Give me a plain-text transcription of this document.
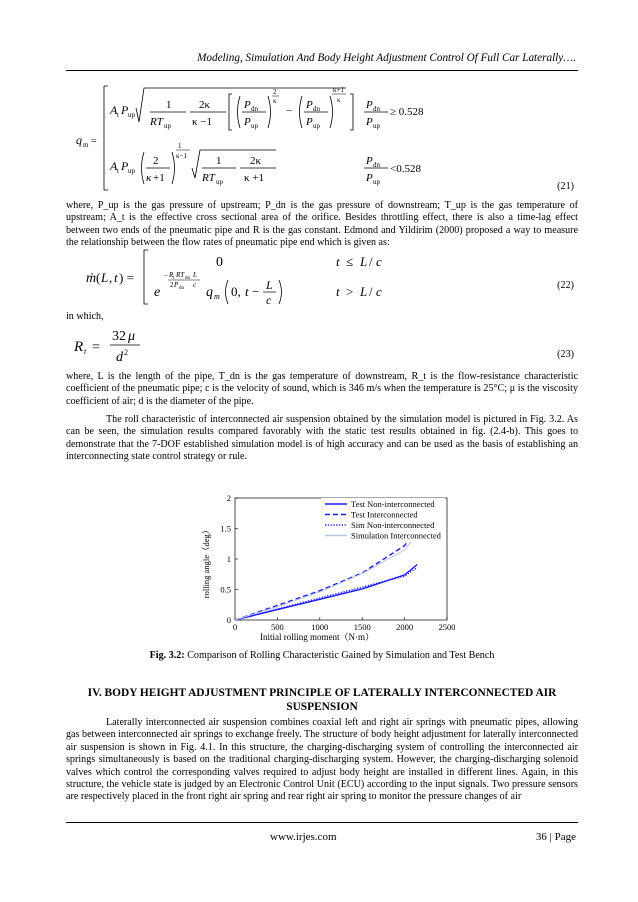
Modeling, Simulation And Body Height Adjustment Control Of Full Car Laterally….
q m =
A t P up
1
RT up
2κ
κ −1
P dn
P up
2
κ
− P dn
P up
κ+1
κ P dn
P up
≥ 0.528
A t P up
2
κ +1
1
κ−1	1
RT up
2κ
κ +1
P dn
P up
<0.528
(21)
where, P_up is the gas pressure of upstream; P_dn is the gas pressure of downstream; T_up is the gas temperature of upstream; A_t is the effective cross sectional area of the orifice. Besides throttling effect, there is also a time-lag effect between two ends of the pneumatic pipe and R is the gas constant. Edmond and Yildirim (2000) proposed a way to measure the relationship between the flow rates of pneumatic pipe end which is given as:
ṁ ( L , t ) =
0	t ≤ L / c
e
− R t RT dn L
2 P dn c q m 0, t − L
c
t > L / c	(22)
in which,
R t =
32 μ
d 2	(23)
where, L is the length of the pipe, T_dn is the gas temperature of downstream, R_t is the flow-resistance characteristic coefficient of the pneumatic pipe; c is the velocity of sound, which is 346 m/s when the temperature is 25°C; μ is the viscosity coefficient of air; d is the diameter of the pipe.
The roll characteristic of interconnected air suspension obtained by the simulation model is pictured in Fig. 3.2. As can be seen, the simulation results compared favorably with the static test results obtained in fig. (2.4-b). This goes to demonstrate that the 7-DOF established simulation model is of high accuracy and can be used as the basis of establishing an interconnecting state control strategy or rule.
rolling angle（deg）
Initial rolling moment（N·m）
0	500	1000	1500	2000	2500
0
0.5
1
1.5
2
Test Non-interconnected
Test Interconnected
Sim Non-interconnected
Simulation Interconnected
Fig. 3.2: Comparison of Rolling Characteristic Gained by Simulation and Test Bench
IV. BODY HEIGHT ADJUSTMENT PRINCIPLE OF LATERALLY INTERCONNECTED AIR SUSPENSION
Laterally interconnected air suspension combines coaxial left and right air springs with pneumatic pipes, allowing gas between interconnected air springs to exchange freely. The structure of body height adjustment for laterally interconnected air suspension is shown in Fig. 4.1. In this structure, the charging-discharging system of controlling the interconnected air springs simultaneously is based on the traditional charging-discharging system. However, the charging-discharging solenoid valves which control the corresponding valves required to adjust body height are installed in different lines. Again, in this structure, the vehicle state is judged by an Electronic Control Unit (ECU) according to the input signals. Two pressure sensors are respectively placed in the front right air spring and rear right air spring to monitor the pressure changes of air
www.irjes.com	36 | Page
